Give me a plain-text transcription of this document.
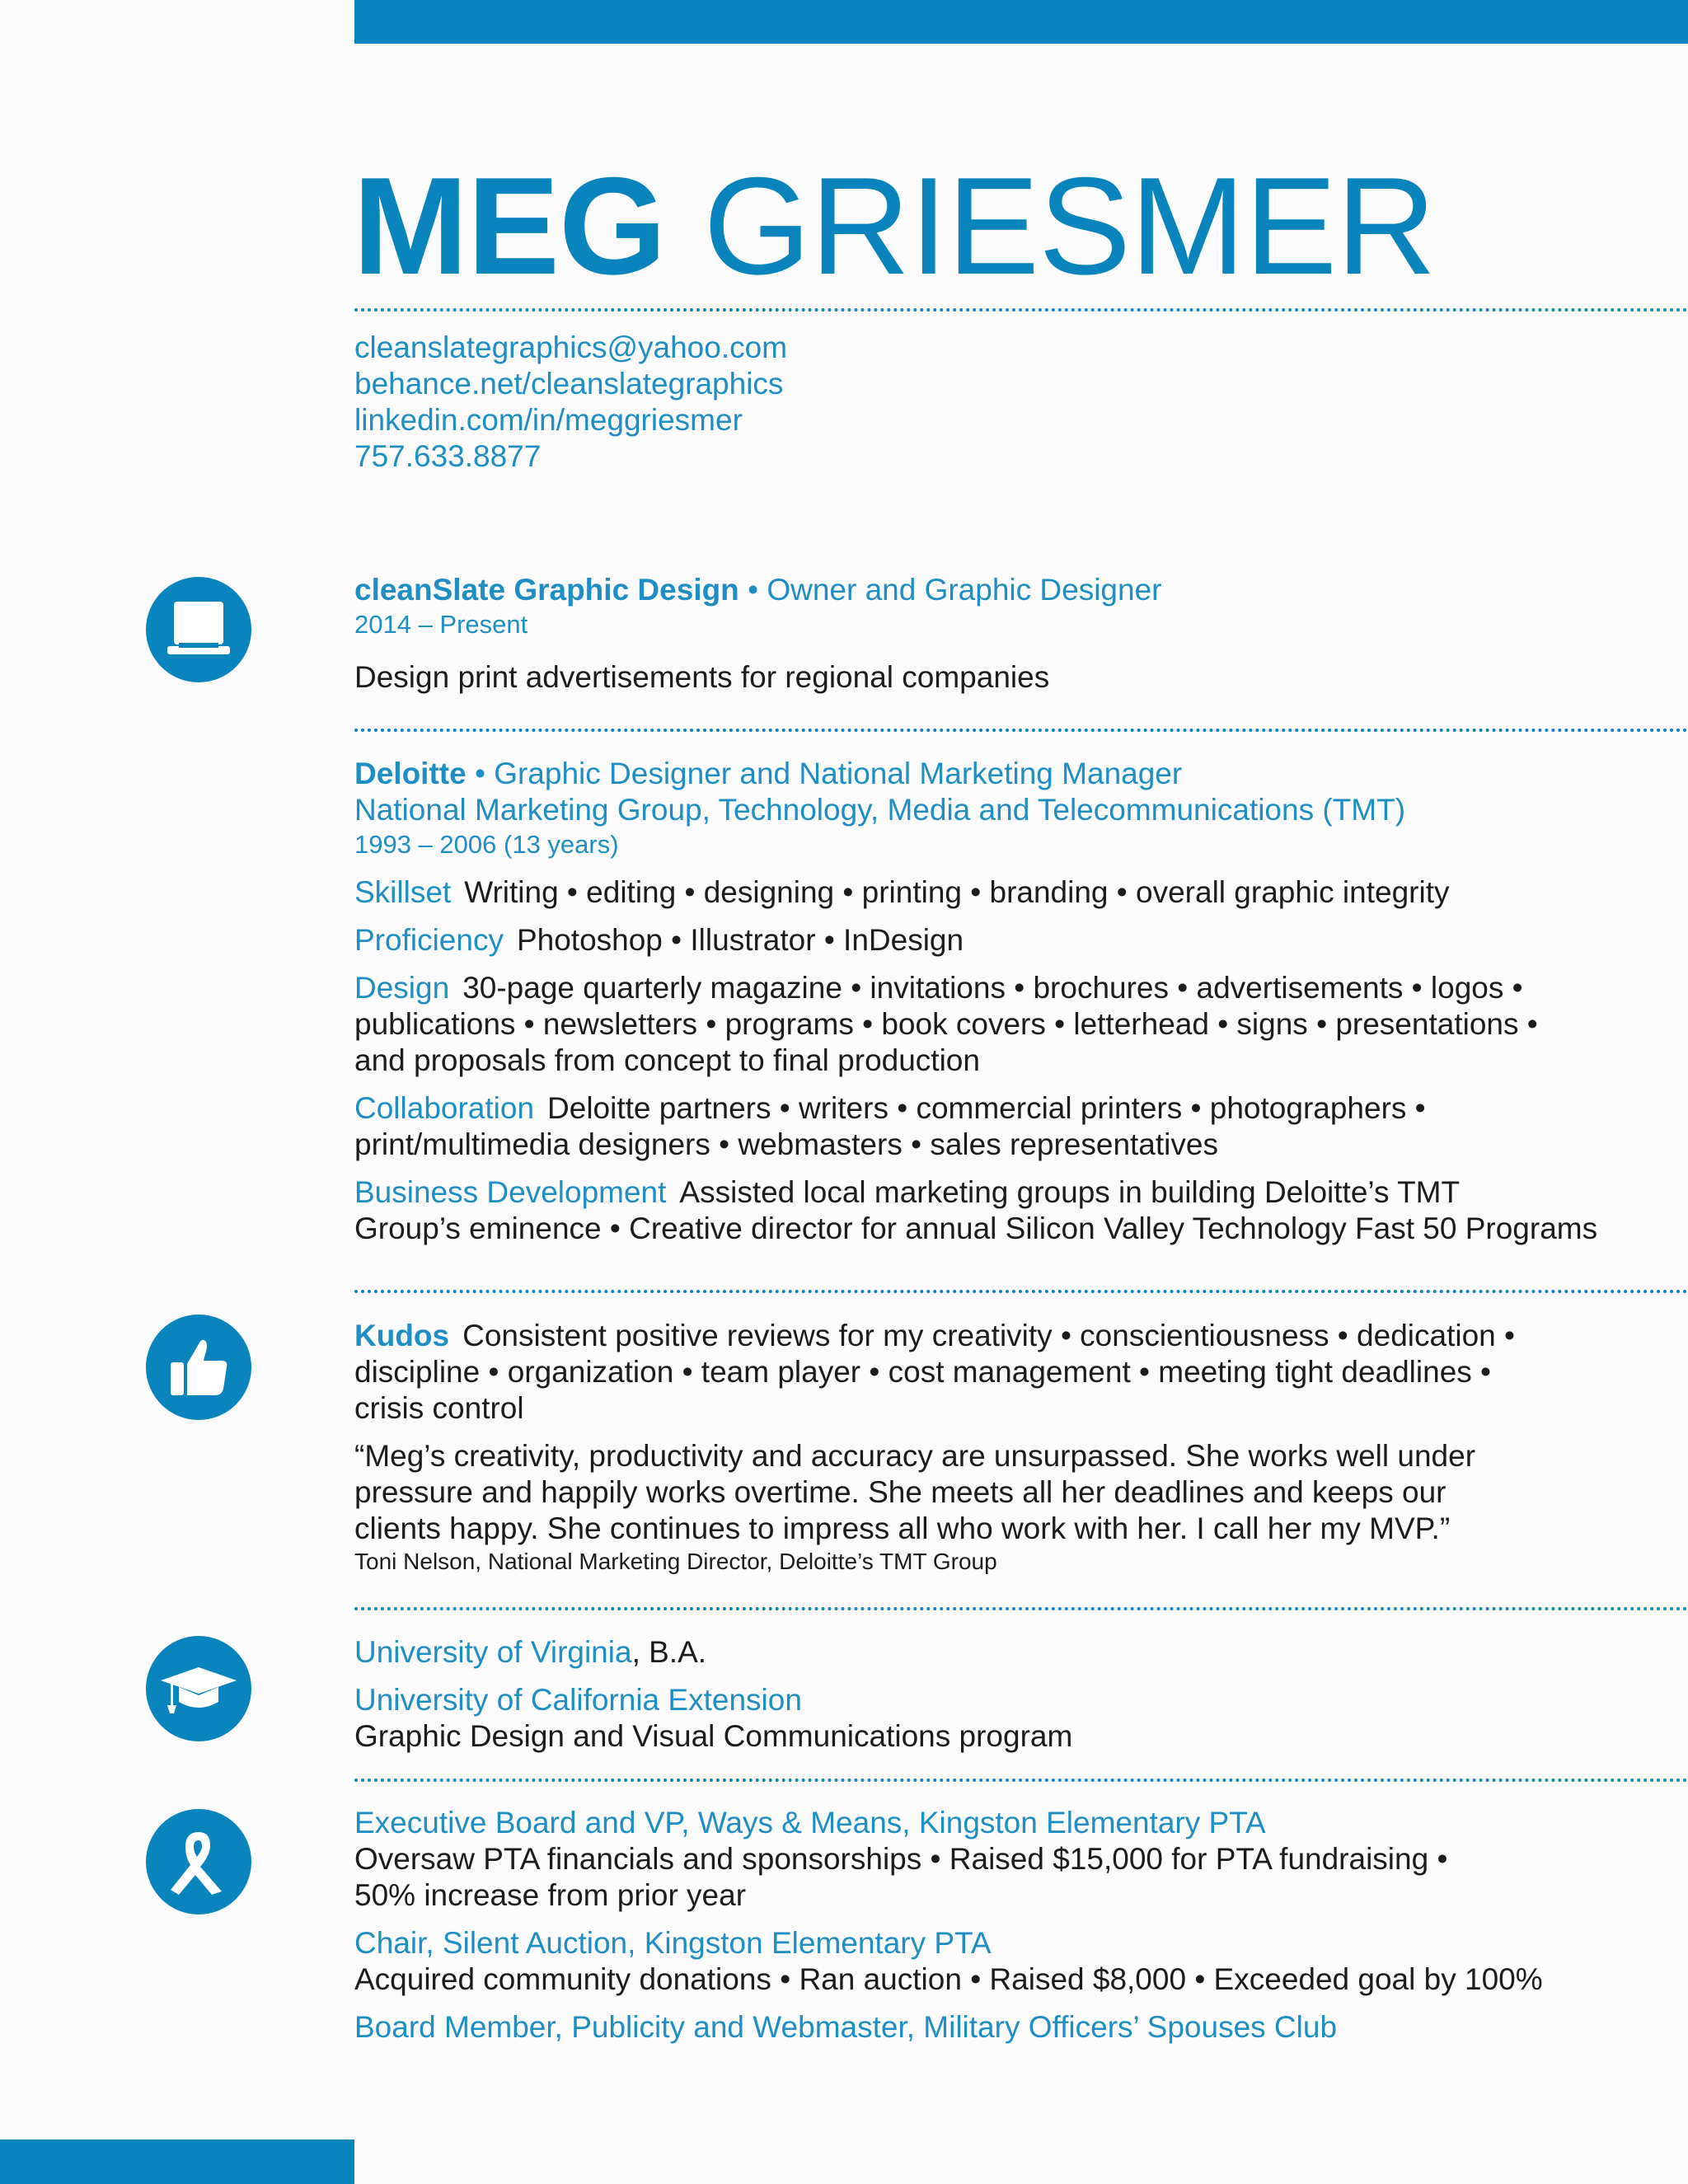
MEG GRIESMER
cleanslategraphics@yahoo.com
behance.net/cleanslategraphics
linkedin.com/in/meggriesmer
757.633.8877
cleanSlate Graphic Design • Owner and Graphic Designer
2014 – Present
Design print advertisements for regional companies
Deloitte • Graphic Designer and National Marketing Manager
National Marketing Group, Technology, Media and Telecommunications (TMT)
1993 – 2006 (13 years)
Skillset Writing • editing • designing • printing • branding • overall graphic integrity
Proficiency Photoshop • Illustrator • InDesign
Design 30-page quarterly magazine • invitations • brochures • advertisements • logos •
publications • newsletters • programs • book covers • letterhead • signs • presentations •
and proposals from concept to final production
Collaboration Deloitte partners • writers • commercial printers • photographers •
print/multimedia designers • webmasters • sales representatives
Business Development Assisted local marketing groups in building Deloitte’s TMT
Group’s eminence • Creative director for annual Silicon Valley Technology Fast 50 Programs
Kudos Consistent positive reviews for my creativity • conscientiousness • dedication •
discipline • organization • team player • cost management • meeting tight deadlines •
crisis control
“Meg’s creativity, productivity and accuracy are unsurpassed. She works well under
pressure and happily works overtime. She meets all her deadlines and keeps our
clients happy. She continues to impress all who work with her. I call her my MVP.”
Toni Nelson, National Marketing Director, Deloitte’s TMT Group
University of Virginia, B.A.
University of California Extension
Graphic Design and Visual Communications program
Executive Board and VP, Ways & Means, Kingston Elementary PTA
Oversaw PTA financials and sponsorships • Raised $15,000 for PTA fundraising •
50% increase from prior year
Chair, Silent Auction, Kingston Elementary PTA
Acquired community donations • Ran auction • Raised $8,000 • Exceeded goal by 100%
Board Member, Publicity and Webmaster, Military Officers’ Spouses Club
